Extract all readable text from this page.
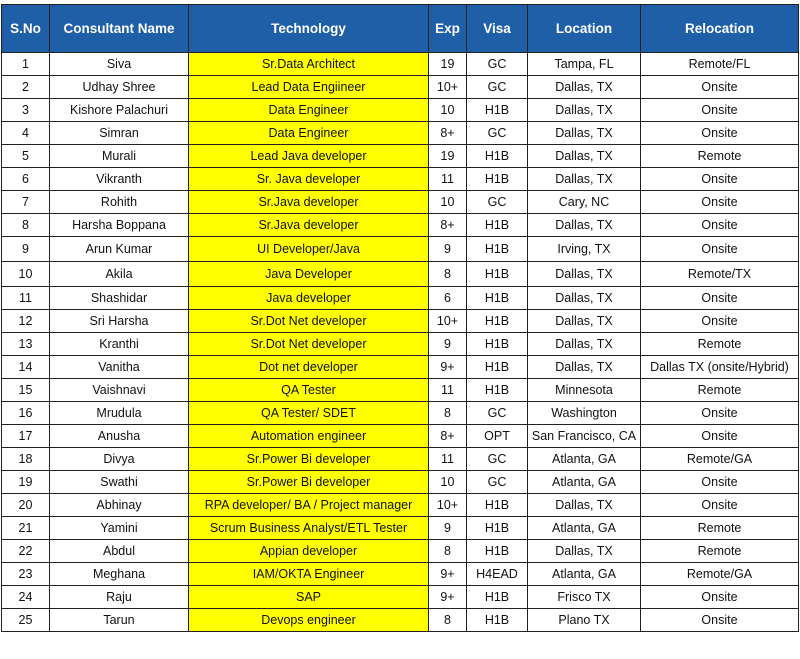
S.No	Consultant Name	Technology	Exp	Visa	Location	Relocation
1	Siva	Sr.Data Architect	19	GC	Tampa, FL	Remote/FL
2	Udhay Shree	Lead Data Engiineer	10+	GC	Dallas, TX	Onsite
3	Kishore Palachuri	Data Engineer	10	H1B	Dallas, TX	Onsite
4	Simran	Data Engineer	8+	GC	Dallas, TX	Onsite
5	Murali	Lead Java developer	19	H1B	Dallas, TX	Remote
6	Vikranth	Sr. Java developer	11	H1B	Dallas, TX	Onsite
7	Rohith	Sr.Java developer	10	GC	Cary, NC	Onsite
8	Harsha Boppana	Sr.Java developer	8+	H1B	Dallas, TX	Onsite
9	Arun Kumar	UI Developer/Java	9	H1B	Irving, TX	Onsite
10	Akila	Java Developer	8	H1B	Dallas, TX	Remote/TX
11	Shashidar	Java developer	6	H1B	Dallas, TX	Onsite
12	Sri Harsha	Sr.Dot Net developer	10+	H1B	Dallas, TX	Onsite
13	Kranthi	Sr.Dot Net developer	9	H1B	Dallas, TX	Remote
14	Vanitha	Dot net developer	9+	H1B	Dallas, TX	Dallas TX (onsite/Hybrid)
15	Vaishnavi	QA Tester	11	H1B	Minnesota	Remote
16	Mrudula	QA Tester/ SDET	8	GC	Washington	Onsite
17	Anusha	Automation engineer	8+	OPT	San Francisco, CA	Onsite
18	Divya	Sr.Power Bi developer	11	GC	Atlanta, GA	Remote/GA
19	Swathi	Sr.Power Bi developer	10	GC	Atlanta, GA	Onsite
20	Abhinay	RPA developer/ BA / Project manager	10+	H1B	Dallas, TX	Onsite
21	Yamini	Scrum Business Analyst/ETL Tester	9	H1B	Atlanta, GA	Remote
22	Abdul	Appian developer	8	H1B	Dallas, TX	Remote
23	Meghana	IAM/OKTA Engineer	9+	H4EAD	Atlanta, GA	Remote/GA
24	Raju	SAP	9+	H1B	Frisco TX	Onsite
25	Tarun	Devops engineer	8	H1B	Plano TX	Onsite
